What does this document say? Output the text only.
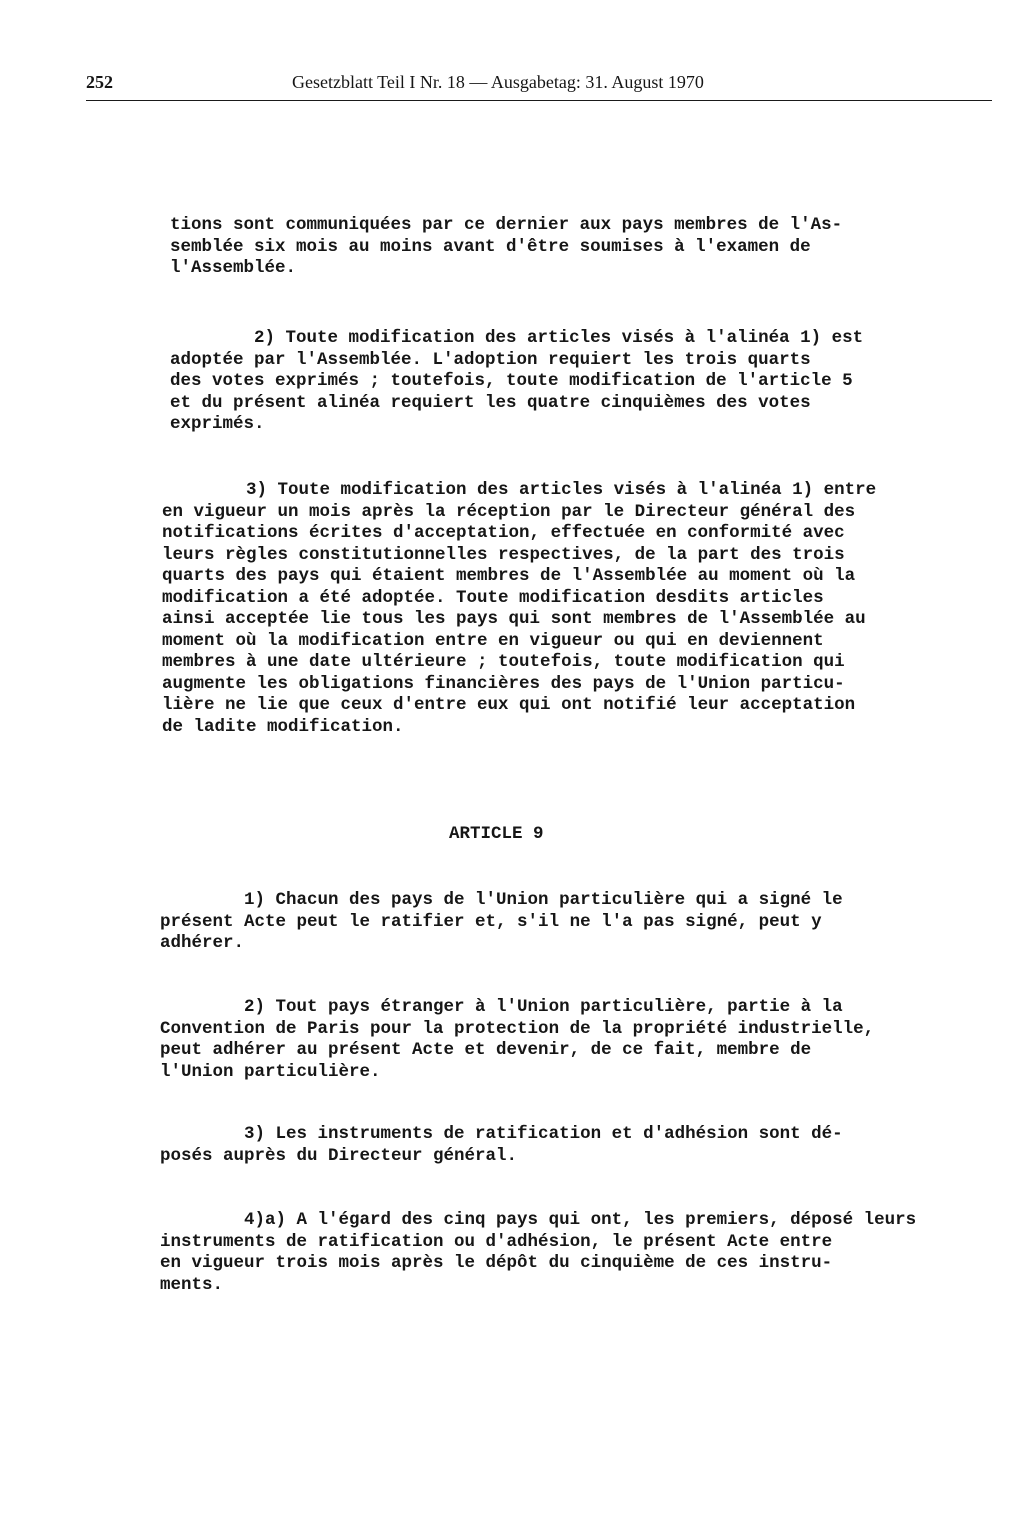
252	Gesetzblatt Teil I Nr. 18 — Ausgabetag: 31. August 1970

tions sont communiquées par ce dernier aux pays membres de l'As-
semblée six mois au moins avant d'être soumises à l'examen de
l'Assemblée.

2) Toute modification des articles visés à l'alinéa 1) est
adoptée par l'Assemblée. L'adoption requiert les trois quarts
des votes exprimés ; toutefois, toute modification de l'article 5
et du présent alinéa requiert les quatre cinquièmes des votes
exprimés.

3) Toute modification des articles visés à l'alinéa 1) entre
en vigueur un mois après la réception par le Directeur général des
notifications écrites d'acceptation, effectuée en conformité avec
leurs règles constitutionnelles respectives, de la part des trois
quarts des pays qui étaient membres de l'Assemblée au moment où la
modification a été adoptée. Toute modification desdits articles
ainsi acceptée lie tous les pays qui sont membres de l'Assemblée au
moment où la modification entre en vigueur ou qui en deviennent
membres à une date ultérieure ; toutefois, toute modification qui
augmente les obligations financières des pays de l'Union particu-
lière ne lie que ceux d'entre eux qui ont notifié leur acceptation
de ladite modification.

1) Chacun des pays de l'Union particulière qui a signé le
présent Acte peut le ratifier et, s'il ne l'a pas signé, peut y
adhérer.

2) Tout pays étranger à l'Union particulière, partie à la
Convention de Paris pour la protection de la propriété industrielle,
peut adhérer au présent Acte et devenir, de ce fait, membre de
l'Union particulière.

3) Les instruments de ratification et d'adhésion sont dé-
posés auprès du Directeur général.

4)a) A l'égard des cinq pays qui ont, les premiers, déposé leurs
instruments de ratification ou d'adhésion, le présent Acte entre
en vigueur trois mois après le dépôt du cinquième de ces instru-
ments.

ARTICLE 9
